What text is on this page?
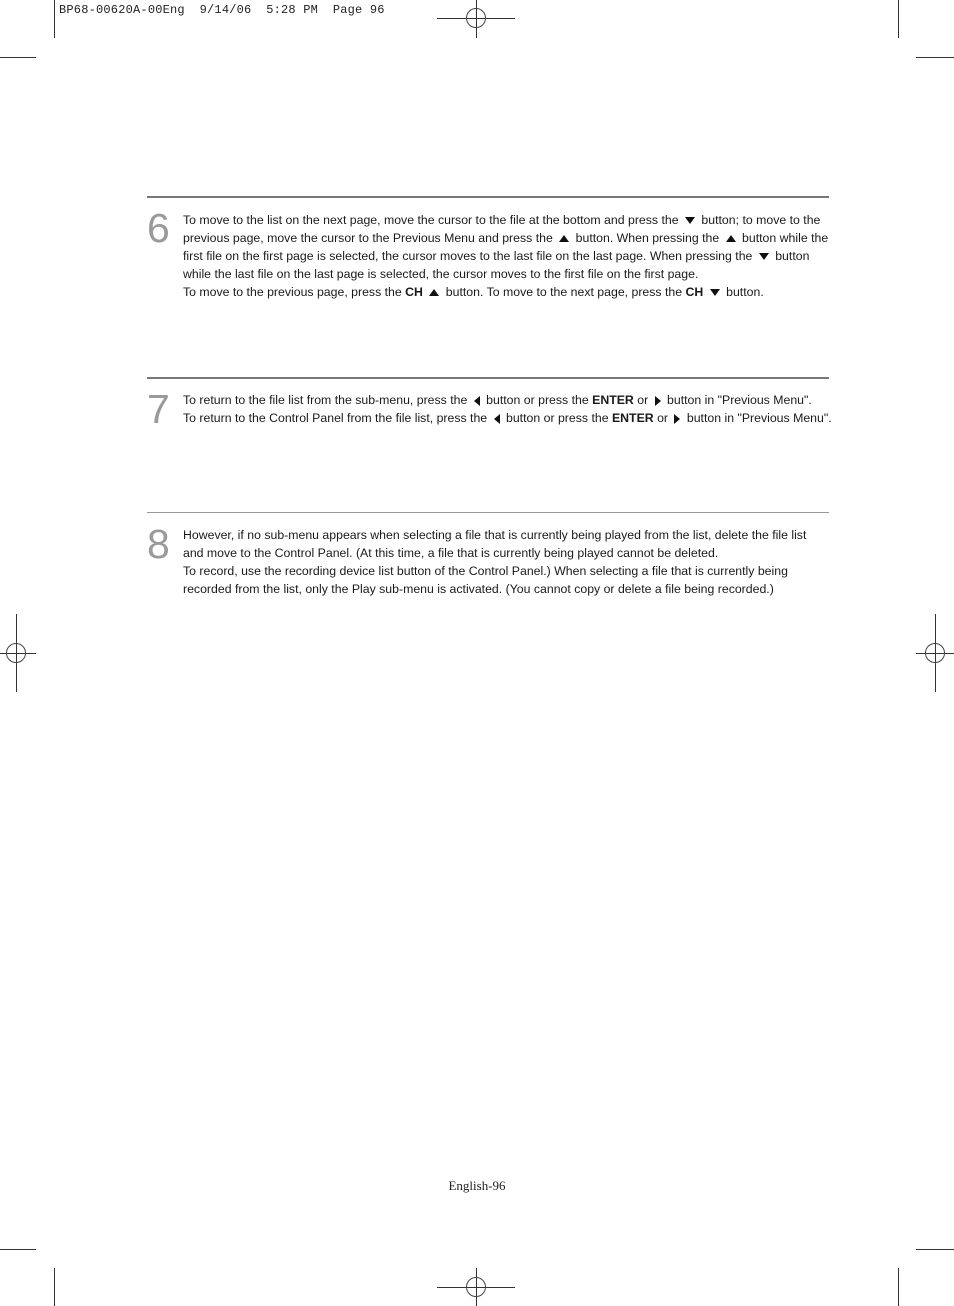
BP68-00620A-00Eng  9/14/06  5:28 PM  Page 96
6 To move to the list on the next page, move the cursor to the file at the bottom and press the button; to move to the previous page, move the cursor to the Previous Menu and press the button. When pressing the button while the first file on the first page is selected, the cursor moves to the last file on the last page. When pressing the button while the last file on the last page is selected, the cursor moves to the first file on the first page.

To move to the previous page, press the CH button. To move to the next page, press the CH button.

7 To return to the file list from the sub-menu, press the button or press the ENTER or button in "Previous Menu".

To return to the Control Panel from the file list, press the button or press the ENTER or button in "Previous Menu".

8 However, if no sub-menu appears when selecting a file that is currently being played from the list, delete the file list and move to the Control Panel. (At this time, a file that is currently being played cannot be deleted.

To record, use the recording device list button of the Control Panel.) When selecting a file that is currently being recorded from the list, only the Play sub-menu is activated. (You cannot copy or delete a file being recorded.)

English-96
